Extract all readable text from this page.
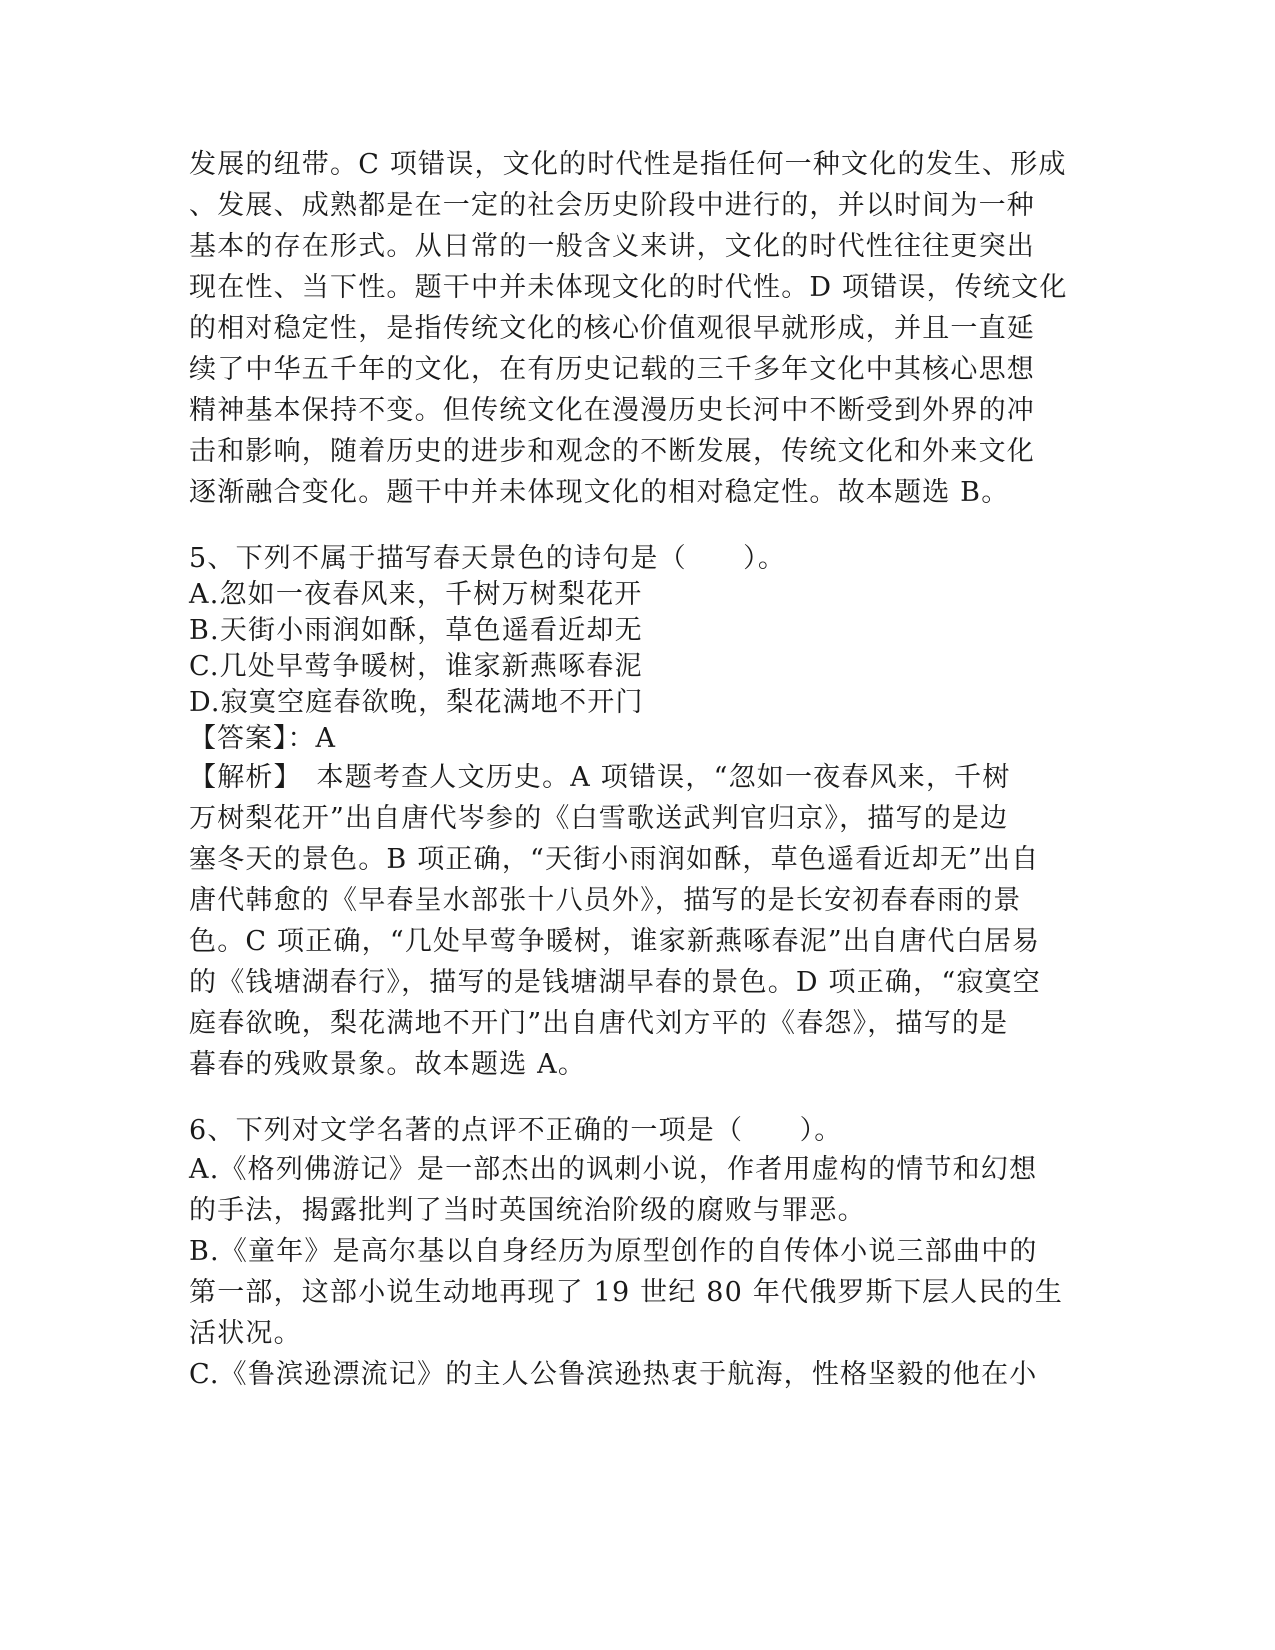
发展的纽带。C 项错误，文化的时代性是指任何一种文化的发生、形成
、发展、成熟都是在一定的社会历史阶段中进行的，并以时间为一种
基本的存在形式。从日常的一般含义来讲，文化的时代性往往更突出
现在性、当下性。题干中并未体现文化的时代性。D 项错误，传统文化
的相对稳定性，是指传统文化的核心价值观很早就形成，并且一直延
续了中华五千年的文化，在有历史记载的三千多年文化中其核心思想
精神基本保持不变。但传统文化在漫漫历史长河中不断受到外界的冲
击和影响，随着历史的进步和观念的不断发展，传统文化和外来文化
逐渐融合变化。题干中并未体现文化的相对稳定性。故本题选 B。
5、下列不属于描写春天景色的诗句是（　　）。
A.忽如一夜春风来，千树万树梨花开
B.天街小雨润如酥，草色遥看近却无
C.几处早莺争暖树，谁家新燕啄春泥
D.寂寞空庭春欲晚，梨花满地不开门
【答案】：A
【解析】　本题考查人文历史。A 项错误，“忽如一夜春风来，千树
万树梨花开”出自唐代岑参的《白雪歌送武判官归京》，描写的是边
塞冬天的景色。B 项正确，“天街小雨润如酥，草色遥看近却无”出自
唐代韩愈的《早春呈水部张十八员外》，描写的是长安初春春雨的景
色。C 项正确，“几处早莺争暖树，谁家新燕啄春泥”出自唐代白居易
的《钱塘湖春行》，描写的是钱塘湖早春的景色。D 项正确，“寂寞空
庭春欲晚，梨花满地不开门”出自唐代刘方平的《春怨》，描写的是
暮春的残败景象。故本题选 A。
6、下列对文学名著的点评不正确的一项是（　　）。
A.《格列佛游记》是一部杰出的讽刺小说，作者用虚构的情节和幻想
的手法，揭露批判了当时英国统治阶级的腐败与罪恶。
B.《童年》是高尔基以自身经历为原型创作的自传体小说三部曲中的
第一部，这部小说生动地再现了 19 世纪 80 年代俄罗斯下层人民的生
活状况。
C.《鲁滨逊漂流记》的主人公鲁滨逊热衷于航海，性格坚毅的他在小
